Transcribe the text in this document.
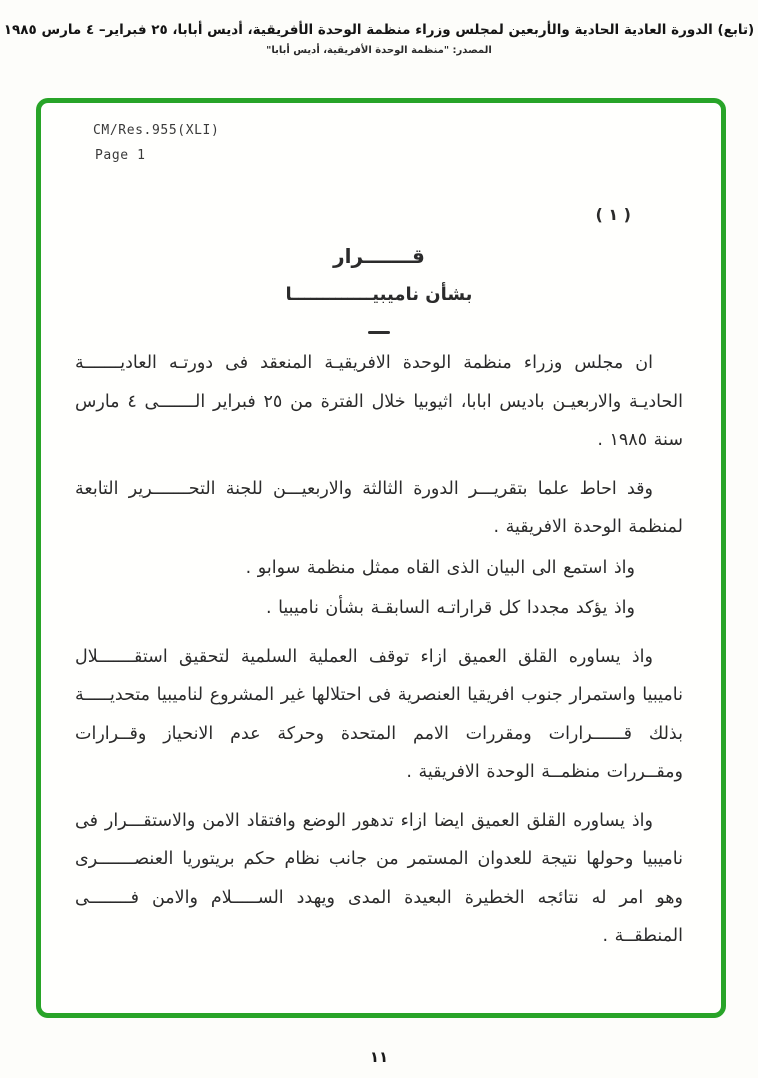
(تابع) الدورة العادية الحادية والأربعين لمجلس وزراء منظمة الوحدة الأفريقية، أديس أبابا، ٢٥ فبراير– ٤ مارس ١٩٨٥
المصدر: "منظمة الوحدة الأفريقية، أديس أبابا"
CM/Res.955(XLI)
Page 1
( ١ )
قـــــــرار
بشأن ناميبيـــــــــــــا

ان مجلس وزراء منظمة الوحدة الافريقيـة المنعقد فى دورتـه العاديـــــــة الحاديـة والاربعيـن باديس ابابا، اثيوبيا خلال الفترة من ٢٥ فبراير الـــــــى ٤ مارس سنة ١٩٨٥ .

وقد احاط علما بتقريـــر الدورة الثالثة والاربعيـــن للجنة التحـــــــرير التابعة لمنظمة الوحدة الافريقية .

واذ استمع الى البيان الذى القاه ممثل منظمة سوابو .

واذ يؤكد مجددا كل قراراتـه السابقـة بشأن ناميبيا .

واذ يساوره القلق العميق ازاء توقف العملية السلمية لتحقيق استقـــــــلال ناميبيا واستمرار جنوب افريقيا العنصرية فى احتلالها غير المشروع لناميبيا متحديـــــة بذلك قــــــرارات ومقررات الامم المتحدة وحركة عدم الانحياز وقــرارات ومقــررات منظمــة الوحدة الافريقية .

واذ يساوره القلق العميق ايضا ازاء تدهور الوضع وافتقاد الامن والاستقـــرار فى ناميبيا وحولها نتيجة للعدوان المستمر من جانب نظام حكم بريتوريا العنصـــــــرى وهو امر له نتائجه الخطيرة البعيدة المدى ويهدد الســـــلام والامن فــــــــى المنطقــة .

١١
